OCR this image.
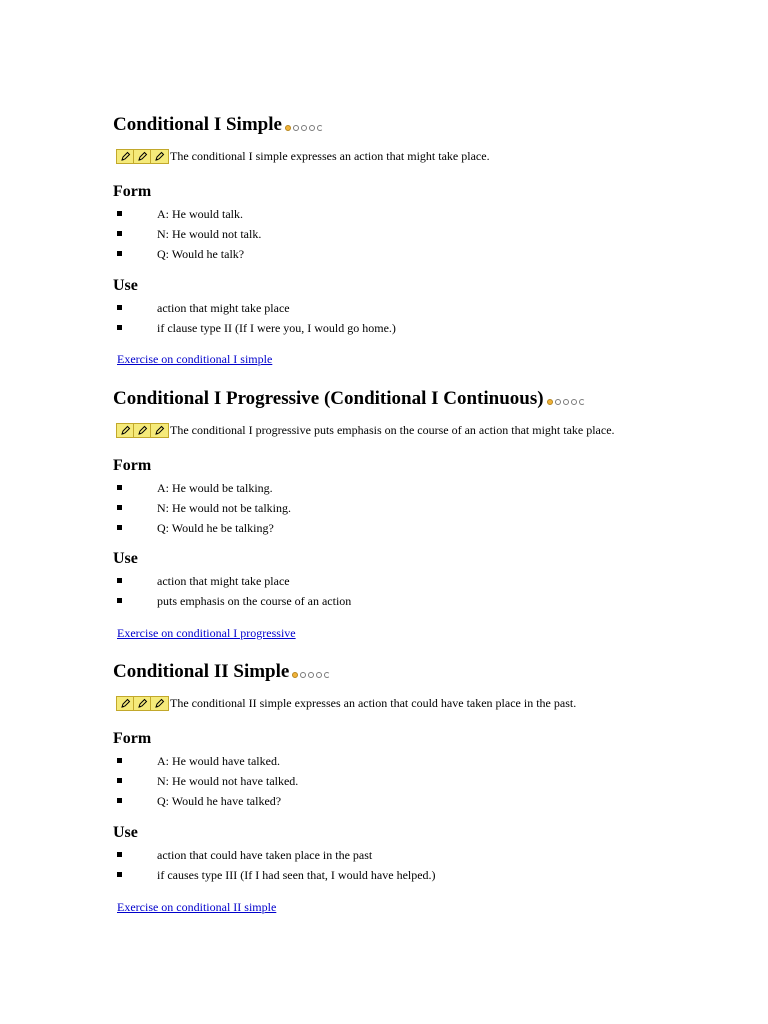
Conditional I Simple
The conditional I simple expresses an action that might take place.
Form
A: He would talk.
N: He would not talk.
Q: Would he talk?
Use
action that might take place
if clause type II (If I were you, I would go home.)
Exercise on conditional I simple
Conditional I Progressive (Conditional I Continuous)
The conditional I progressive puts emphasis on the course of an action that might take place.
Form
A: He would be talking.
N: He would not be talking.
Q: Would he be talking?
Use
action that might take place
puts emphasis on the course of an action
Exercise on conditional I progressive
Conditional II Simple
The conditional II simple expresses an action that could have taken place in the past.
Form
A: He would have talked.
N: He would not have talked.
Q: Would he have talked?
Use
action that could have taken place in the past
if causes type III (If I had seen that, I would have helped.)
Exercise on conditional II simple
